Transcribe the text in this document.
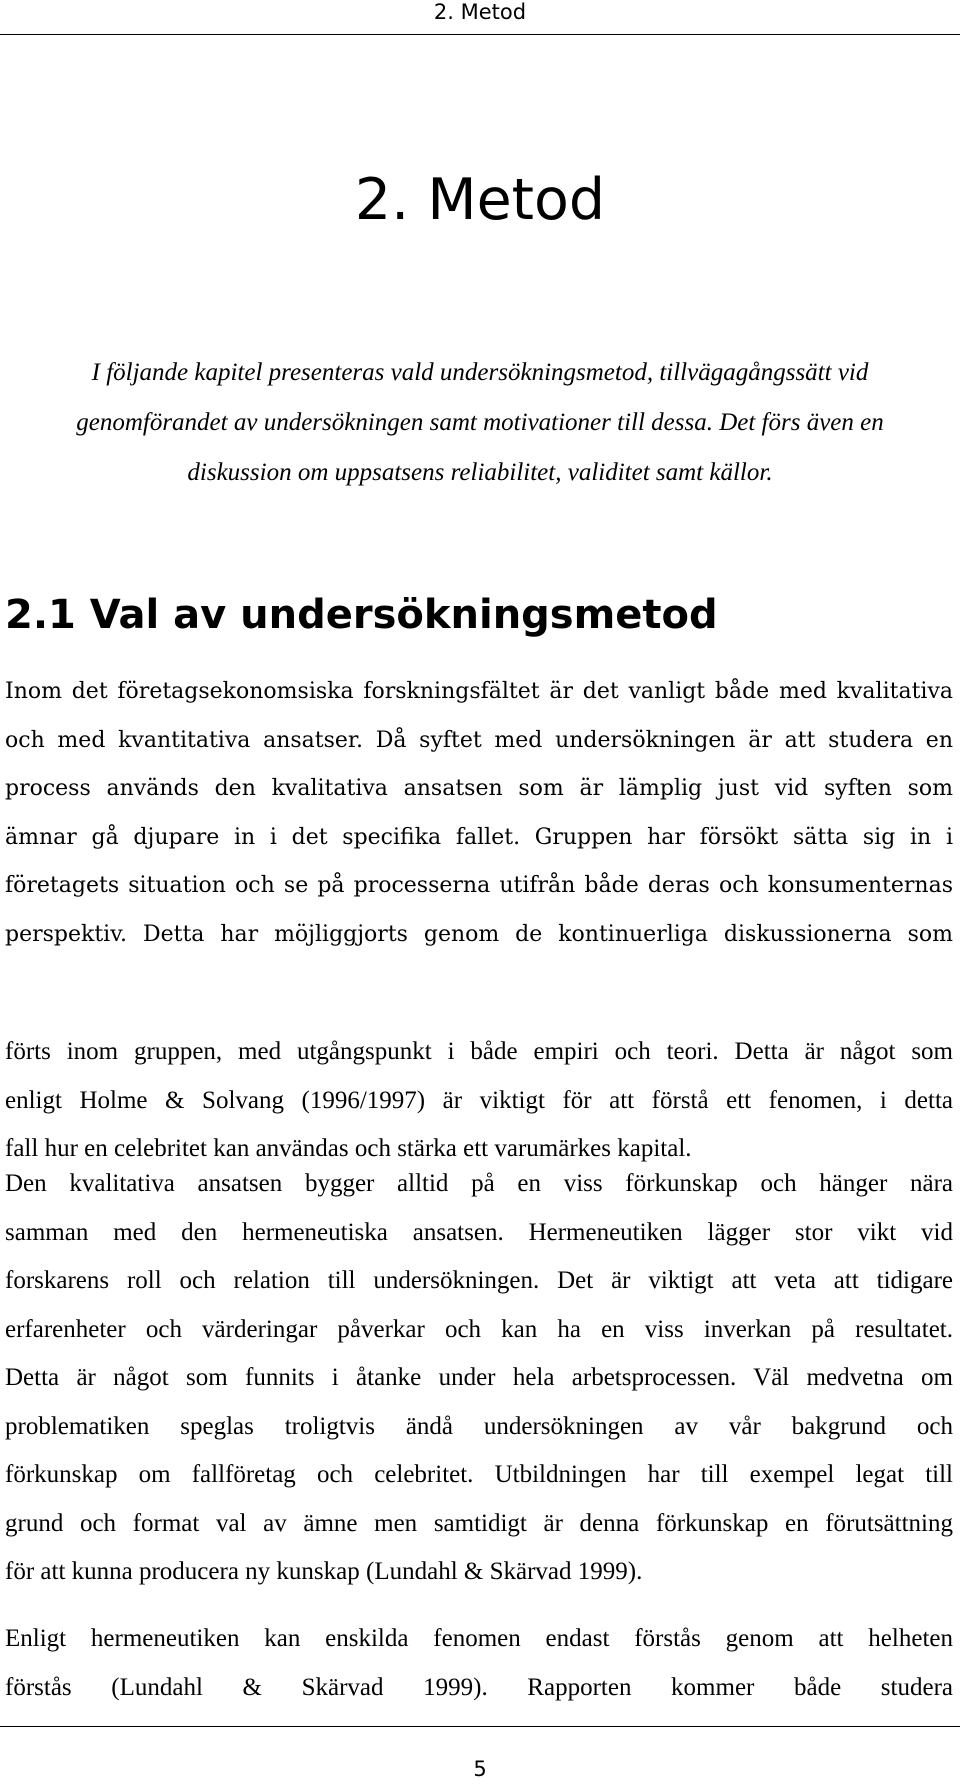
2. Metod
2. Metod

I följande kapitel presenteras vald undersökningsmetod, tillvägagångssätt vid
genomförandet av undersökningen samt motivationer till dessa. Det förs även en
diskussion om uppsatsens reliabilitet, validitet samt källor.

2.1 Val av undersökningsmetod

Inom det företagsekonomsiska forskningsfältet är det vanligt både med kvalitativa
och med kvantitativa ansatser. Då syftet med undersökningen är att studera en
process används den kvalitativa ansatsen som är lämplig just vid syften som
ämnar gå djupare in i det specifika fallet. Gruppen har försökt sätta sig in i
företagets situation och se på processerna utifrån både deras och konsumenternas
perspektiv. Detta har möjliggjorts genom de kontinuerliga diskussionerna som

förts inom gruppen, med utgångspunkt i både empiri och teori. Detta är något som
enligt Holme & Solvang (1996/1997) är viktigt för att förstå ett fenomen, i detta
fall hur en celebritet kan användas och stärka ett varumärkes kapital.

Den kvalitativa ansatsen bygger alltid på en viss förkunskap och hänger nära
samman med den hermeneutiska ansatsen. Hermeneutiken lägger stor vikt vid
forskarens roll och relation till undersökningen. Det är viktigt att veta att tidigare
erfarenheter och värderingar påverkar och kan ha en viss inverkan på resultatet.
Detta är något som funnits i åtanke under hela arbetsprocessen. Väl medvetna om
problematiken speglas troligtvis ändå undersökningen av vår bakgrund och
förkunskap om fallföretag och celebritet. Utbildningen har till exempel legat till
grund och format val av ämne men samtidigt är denna förkunskap en förutsättning
för att kunna producera ny kunskap (Lundahl & Skärvad 1999).

Enligt hermeneutiken kan enskilda fenomen endast förstås genom att helheten
förstås (Lundahl & Skärvad 1999). Rapporten kommer både studera

5
